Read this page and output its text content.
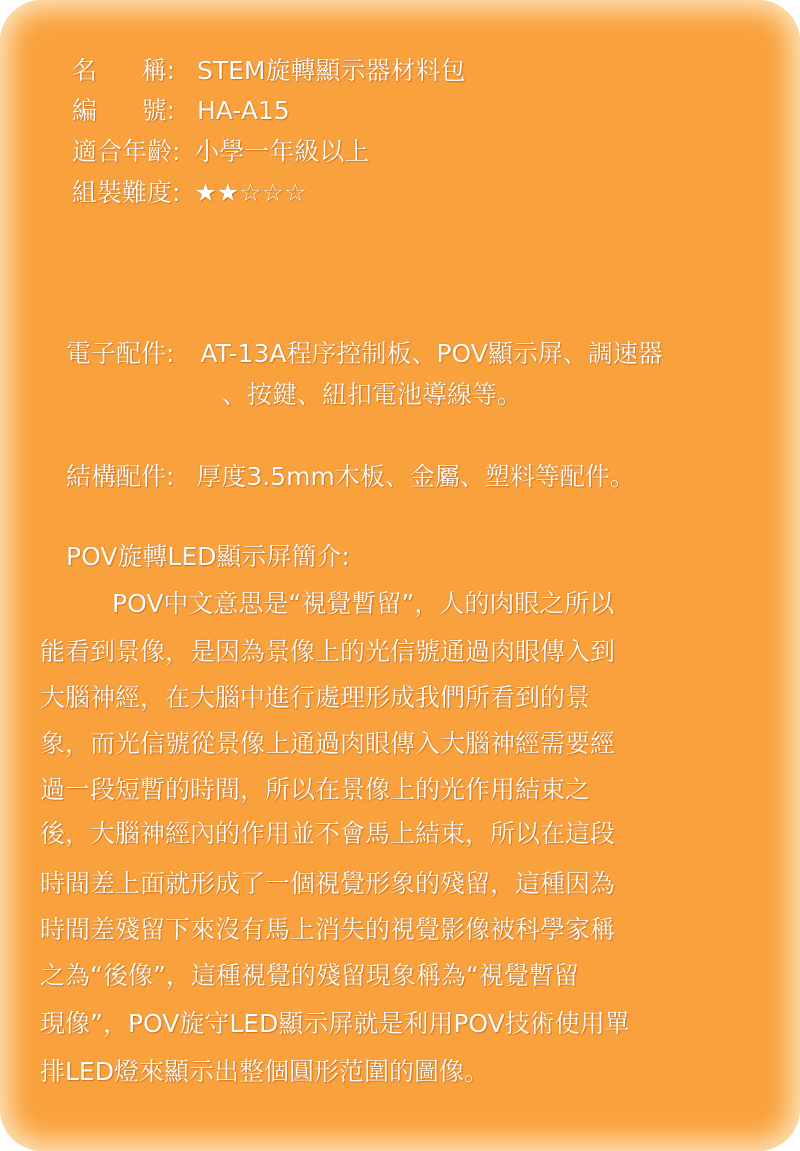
名 稱: STEM旋轉顯示器材料包
編 號: HA-A15
適合年齡: 小學一年級以上
組裝難度: ★★☆☆☆
電子配件: AT-13A程序控制板、POV顯示屏、調速器
、按鍵、紐扣電池導線等。
結構配件: 厚度3.5mm木板、金屬、塑料等配件。
POV旋轉LED顯示屏簡介:
POV中文意思是“視覺暫留”，人的肉眼之所以
能看到景像，是因為景像上的光信號通過肉眼傳入到
大腦神經，在大腦中進行處理形成我們所看到的景
象，而光信號從景像上通過肉眼傳入大腦神經需要經
過一段短暫的時間，所以在景像上的光作用結束之
後，大腦神經內的作用並不會馬上結束，所以在這段
時間差上面就形成了一個視覺形象的殘留，這種因為
時間差殘留下來沒有馬上消失的視覺影像被科學家稱
之為“後像”，這種視覺的殘留現象稱為“視覺暫留
現像”，POV旋守LED顯示屏就是利用POV技術使用單
排LED燈來顯示出整個圓形范圍的圖像。
